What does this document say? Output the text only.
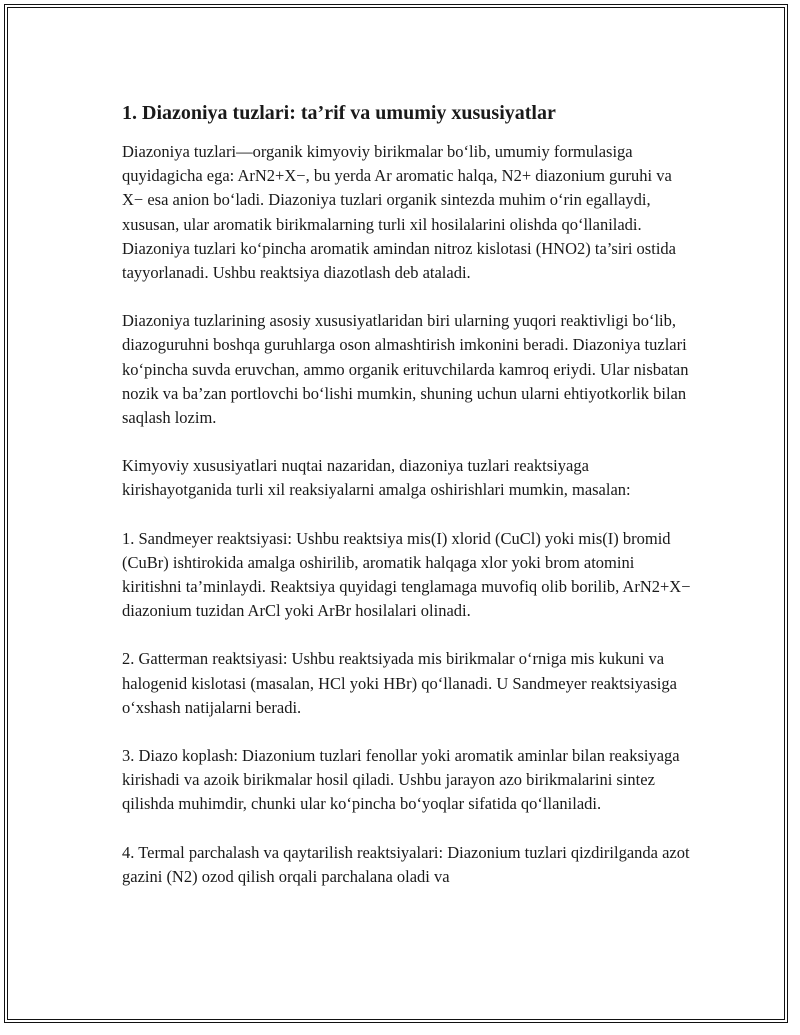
1. Diazoniya tuzlari: ta’rif va umumiy xususiyatlar

Diazoniya tuzlari—organik kimyoviy birikmalar bo‘lib, umumiy formulasiga quyidagicha ega: ArN2+X−, bu yerda Ar aromatic halqa, N2+ diazonium guruhi va X− esa anion bo‘ladi. Diazoniya tuzlari organik sintezda muhim o‘rin egallaydi, xususan, ular aromatik birikmalarning turli xil hosilalarini olishda qo‘llaniladi. Diazoniya tuzlari ko‘pincha aromatik amindan nitroz kislotasi (HNO2) ta’siri ostida tayyorlanadi. Ushbu reaktsiya diazotlash deb ataladi.

Diazoniya tuzlarining asosiy xususiyatlaridan biri ularning yuqori reaktivligi bo‘lib, diazoguruhni boshqa guruhlarga oson almashtirish imkonini beradi. Diazoniya tuzlari ko‘pincha suvda eruvchan, ammo organik erituvchilarda kamroq eriydi. Ular nisbatan nozik va ba’zan portlovchi bo‘lishi mumkin, shuning uchun ularni ehtiyotkorlik bilan saqlash lozim.

Kimyoviy xususiyatlari nuqtai nazaridan, diazoniya tuzlari reaktsiyaga kirishayotganida turli xil reaksiyalarni amalga oshirishlari mumkin, masalan:

1. Sandmeyer reaktsiyasi: Ushbu reaktsiya mis(I) xlorid (CuCl) yoki mis(I) bromid (CuBr) ishtirokida amalga oshirilib, aromatik halqaga xlor yoki brom atomini kiritishni ta’minlaydi. Reaktsiya quyidagi tenglamaga muvofiq olib borilib, ArN2+X− diazonium tuzidan ArCl yoki ArBr hosilalari olinadi.

2. Gatterman reaktsiyasi: Ushbu reaktsiyada mis birikmalar o‘rniga mis kukuni va halogenid kislotasi (masalan, HCl yoki HBr) qo‘llanadi. U Sandmeyer reaktsiyasiga o‘xshash natijalarni beradi.

3. Diazo koplash: Diazonium tuzlari fenollar yoki aromatik aminlar bilan reaksiyaga kirishadi va azoik birikmalar hosil qiladi. Ushbu jarayon azo birikmalarini sintez qilishda muhimdir, chunki ular ko‘pincha bo‘yoqlar sifatida qo‘llaniladi.

4. Termal parchalash va qaytarilish reaktsiyalari: Diazonium tuzlari qizdirilganda azot gazini (N2) ozod qilish orqali parchalana oladi va
